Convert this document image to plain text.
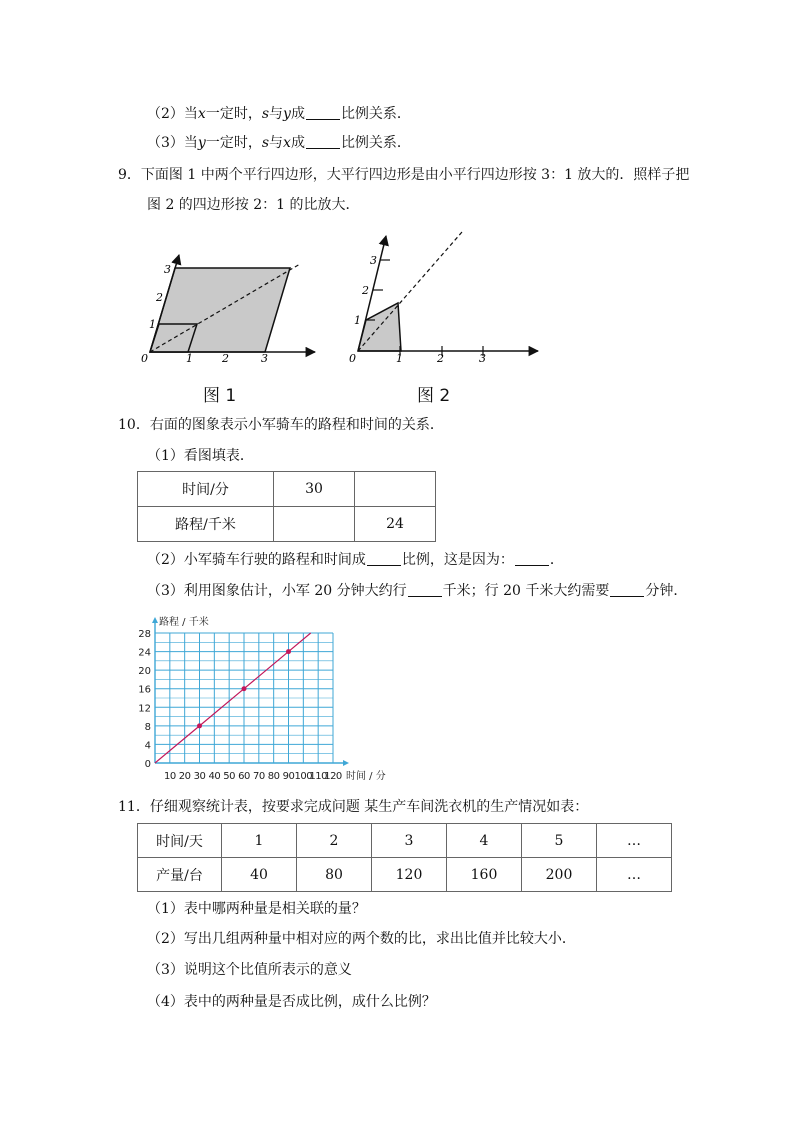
（2）当x一定时，s与y成	比例关系．
（3）当y一定时，s与x成	比例关系．
9．下面图 1 中两个平行四边形，大平行四边形是由小平行四边形按 3：1 放大的．照样子把
图 2 的四边形按 2：1 的比放大．
0	1	2	3
1
2
3
图 1
0	1	2	3
1
2
3
图 2
10．右面的图象表示小军骑车的路程和时间的关系．
（1）看图填表．
时间/分	30	
路程/千米		24
（2）小军骑车行驶的路程和时间成	比例，这是因为：	．
（3）利用图象估计，小军 20 分钟大约行	千米；行 20 千米大约需要	分钟．
0
4
8
12
16
20
24
28
10 20 30 40 50 60 70 80 90 100
110
120
路程 / 千米
时间 / 分
11．仔细观察统计表，按要求完成问题 某生产车间洗衣机的生产情况如表：
时间/天	1	2	3	4	5	…
产量/台	40	80	120	160	200	…
（1）表中哪两种量是相关联的量？
（2）写出几组两种量中相对应的两个数的比，求出比值并比较大小．
（3）说明这个比值所表示的意义
（4）表中的两种量是否成比例，成什么比例？
